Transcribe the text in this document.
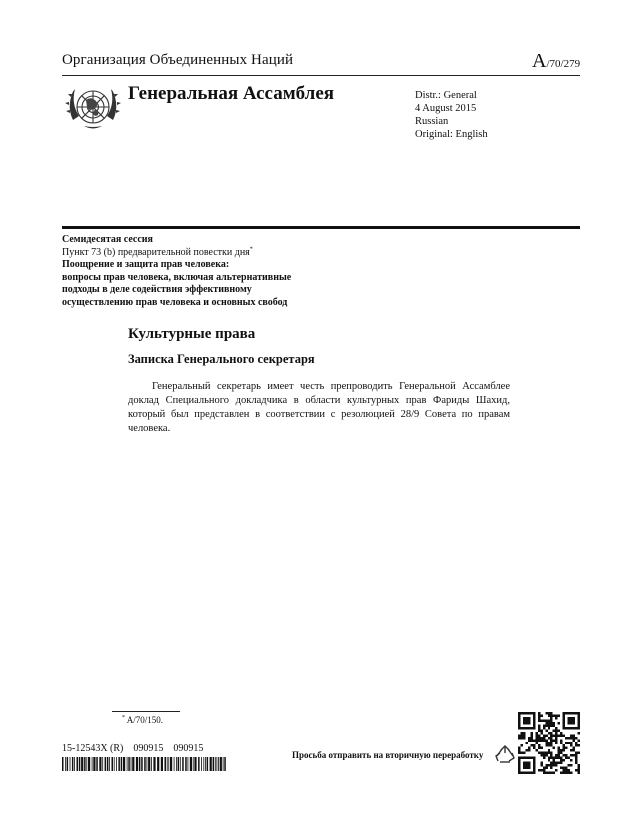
Организация Объединенных Наций	A/70/279
Генеральная Ассамблея	Distr.: General
4 August 2015
Russian
Original: English
Семидесятая сессия
Пункт 73 (b) предварительной повестки дня*
Поощрение и защита прав человека:
вопросы прав человека, включая альтернативные
подходы в деле содействия эффективному
осуществлению прав человека и основных свобод
Культурные права
Записка Генерального секретаря
Генеральный секретарь имеет честь препроводить Генеральной Ассамблее доклад Специального докладчика в области культурных прав Фариды Шахид, который был представлен в соответствии с резолюцией 28/9 Совета по правам человека.
* A/70/150.
15-12543X (R)    090915    090915
Просьба отправить на вторичную переработку
